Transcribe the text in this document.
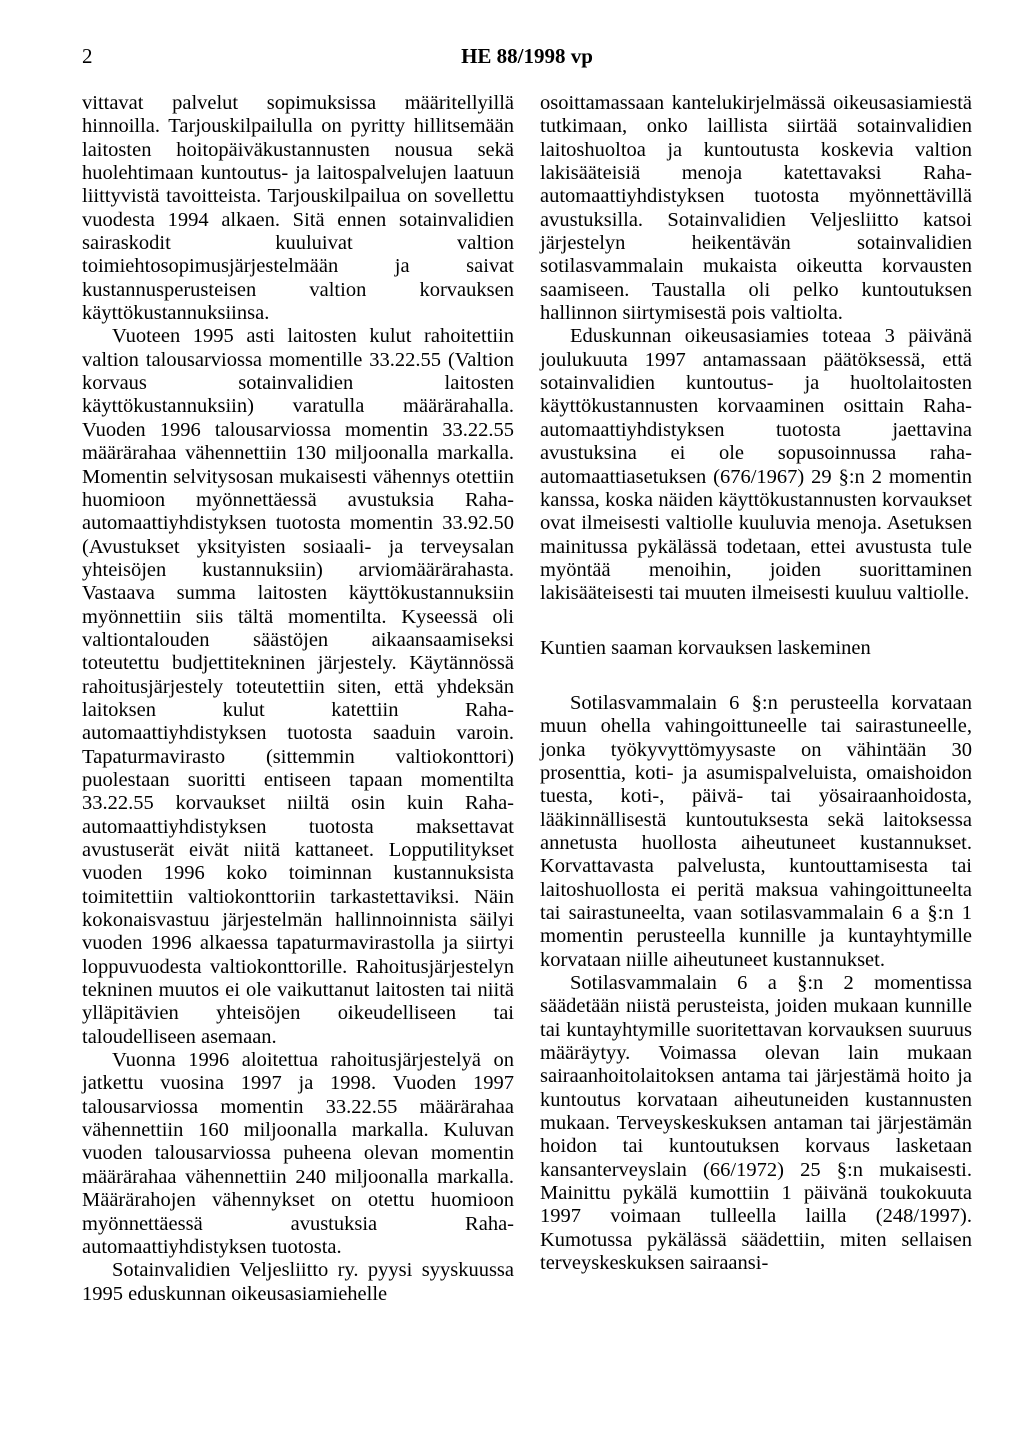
2	HE 88/1998 vp

vittavat palvelut sopimuksissa määritellyillä hinnoilla. Tarjouskilpailulla on pyritty hillitsemään laitosten hoitopäiväkustannusten nousua sekä huolehtimaan kuntoutus- ja laitospalvelujen laatuun liittyvistä tavoitteista. Tarjouskilpailua on sovellettu vuodesta 1994 alkaen. Sitä ennen sotainvalidien sairaskodit kuuluivat valtion toimiehtosopimusjärjestelmään ja saivat kustannusperusteisen valtion korvauksen käyttökustannuksiinsa.

Vuoteen 1995 asti laitosten kulut rahoitettiin valtion talousarviossa momentille 33.22.55 (Valtion korvaus sotainvalidien laitosten käyttökustannuksiin) varatulla määrärahalla. Vuoden 1996 talousarviossa momentin 33.22.55 määrärahaa vähennettiin 130 miljoonalla markalla. Momentin selvitysosan mukaisesti vähennys otettiin huomioon myönnettäessä avustuksia Raha-automaattiyhdistyksen tuotosta momentin 33.92.50 (Avustukset yksityisten sosiaali- ja terveysalan yhteisöjen kustannuksiin) arviomäärärahasta. Vastaava summa laitosten käyttökustannuksiin myönnettiin siis tältä momentilta. Kyseessä oli valtiontalouden säästöjen aikaansaamiseksi toteutettu budjettitekninen järjestely. Käytännössä rahoitusjärjestely toteutettiin siten, että yhdeksän laitoksen kulut katettiin Raha-automaattiyhdistyksen tuotosta saaduin varoin. Tapaturmavirasto (sittemmin valtiokonttori) puolestaan suoritti entiseen tapaan momentilta 33.22.55 korvaukset niiltä osin kuin Raha-automaattiyhdistyksen tuotosta maksettavat avustuserät eivät niitä kattaneet. Lopputilitykset vuoden 1996 koko toiminnan kustannuksista toimitettiin valtiokonttoriin tarkastettaviksi. Näin kokonaisvastuu järjestelmän hallinnoinnista säilyi vuoden 1996 alkaessa tapaturmavirastolla ja siirtyi loppuvuodesta valtiokonttorille. Rahoitusjärjestelyn tekninen muutos ei ole vaikuttanut laitosten tai niitä ylläpitävien yhteisöjen oikeudelliseen tai taloudelliseen asemaan.

Vuonna 1996 aloitettua rahoitusjärjestelyä on jatkettu vuosina 1997 ja 1998. Vuoden 1997 talousarviossa momentin 33.22.55 määrärahaa vähennettiin 160 miljoonalla markalla. Kuluvan vuoden talousarviossa puheena olevan momentin määrärahaa vähennettiin 240 miljoonalla markalla. Määrärahojen vähennykset on otettu huomioon myönnettäessä avustuksia Raha-automaattiyhdistyksen tuotosta.

Sotainvalidien Veljesliitto ry. pyysi syyskuussa 1995 eduskunnan oikeusasiamiehelle

osoittamassaan kantelukirjelmässä oikeusasiamiestä tutkimaan, onko laillista siirtää sotainvalidien laitoshuoltoa ja kuntoutusta koskevia valtion lakisääteisiä menoja katettavaksi Raha-automaattiyhdistyksen tuotosta myönnettävillä avustuksilla. Sotainvalidien Veljesliitto katsoi järjestelyn heikentävän sotainvalidien sotilasvammalain mukaista oikeutta korvausten saamiseen. Taustalla oli pelko kuntoutuksen hallinnon siirtymisestä pois valtiolta.

Eduskunnan oikeusasiamies toteaa 3 päivänä joulukuuta 1997 antamassaan päätöksessä, että sotainvalidien kuntoutus- ja huoltolaitosten käyttökustannusten korvaaminen osittain Raha-automaattiyhdistyksen tuotosta jaettavina avustuksina ei ole sopusoinnussa raha-automaattiasetuksen (676/1967) 29 §:n 2 momentin kanssa, koska näiden käyttökustannusten korvaukset ovat ilmeisesti valtiolle kuuluvia menoja. Asetuksen mainitussa pykälässä todetaan, ettei avustusta tule myöntää menoihin, joiden suorittaminen lakisääteisesti tai muuten ilmeisesti kuuluu valtiolle.

Kuntien saaman korvauksen laskeminen

Sotilasvammalain 6 §:n perusteella korvataan muun ohella vahingoittuneelle tai sairastuneelle, jonka työkyvyttömyysaste on vähintään 30 prosenttia, koti- ja asumispalveluista, omaishoidon tuesta, koti-, päivä- tai yösairaanhoidosta, lääkinnällisestä kuntoutuksesta sekä laitoksessa annetusta huollosta aiheutuneet kustannukset. Korvattavasta palvelusta, kuntouttamisesta tai laitoshuollosta ei peritä maksua vahingoittuneelta tai sairastuneelta, vaan sotilasvammalain 6 a §:n 1 momentin perusteella kunnille ja kuntayhtymille korvataan niille aiheutuneet kustannukset.

Sotilasvammalain 6 a §:n 2 momentissa säädetään niistä perusteista, joiden mukaan kunnille tai kuntayhtymille suoritettavan korvauksen suuruus määräytyy. Voimassa olevan lain mukaan sairaanhoitolaitoksen antama tai järjestämä hoito ja kuntoutus korvataan aiheutuneiden kustannusten mukaan. Terveyskeskuksen antaman tai järjestämän hoidon tai kuntoutuksen korvaus lasketaan kansanterveyslain (66/1972) 25 §:n mukaisesti. Mainittu pykälä kumottiin 1 päivänä toukokuuta 1997 voimaan tulleella lailla (248/1997). Kumotussa pykälässä säädettiin, miten sellaisen terveyskeskuksen sairaansi-
